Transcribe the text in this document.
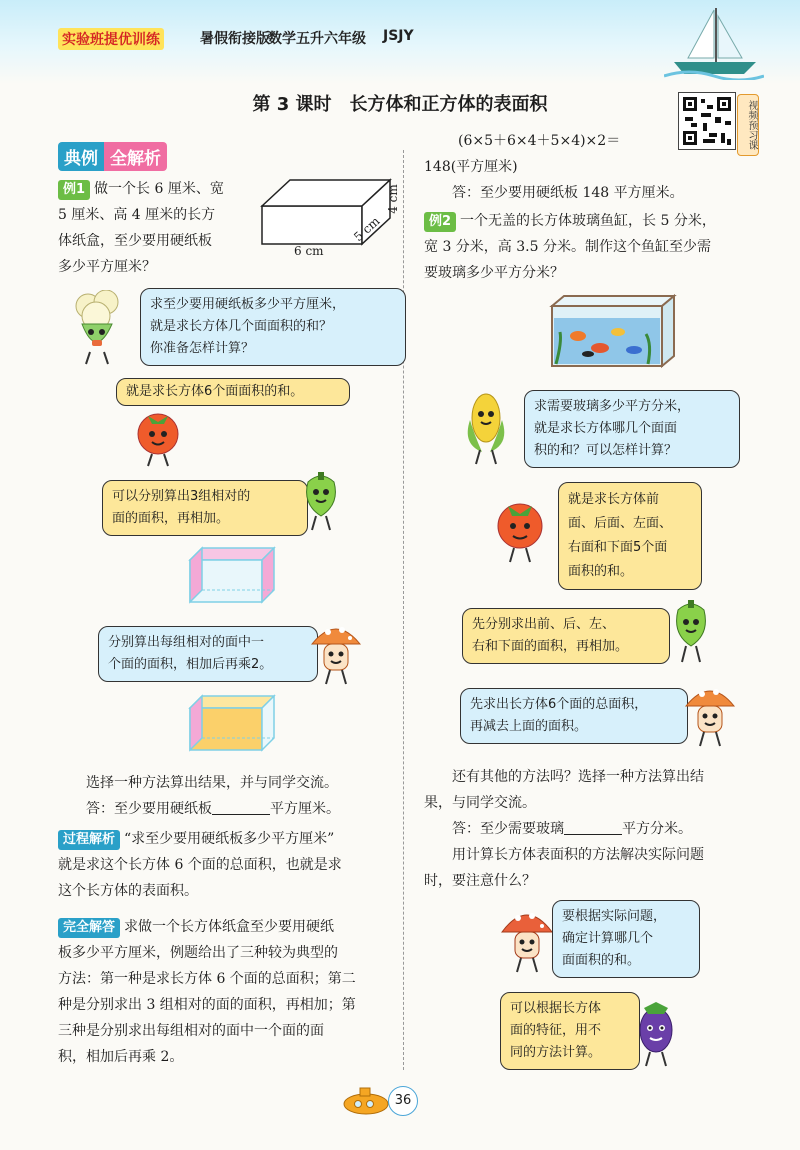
实验班提优训练	暑假衔接版
数学五升六年级 JSJY
第 3 课时　长方体和正方体的表面积	视频预习课
典例 全解析
例1 做一个长 6 厘米、宽
5 厘米、高 4 厘米的长方
体纸盒，至少要用硬纸板
多少平方厘米？
6 cm
5 cm
4 cm
求至少要用硬纸板多少平方厘米，
就是求长方体几个面面积的和？
你准备怎样计算？
就是求长方体6个面面积的和。
可以分别算出3组相对的
面的面积，再相加。
分别算出每组相对的面中一
个面的面积，相加后再乘2。
选择一种方法算出结果，并与同学交流。
答：至少要用硬纸板	平方厘米。
过程解析 “求至少要用硬纸板多少平方厘米”
就是求这个长方体 6 个面的总面积，也就是求
这个长方体的表面积。
完全解答 求做一个长方体纸盒至少要用硬纸
板多少平方厘米，例题给出了三种较为典型的
方法：第一种是求长方体 6 个面的总面积；第二
种是分别求出 3 组相对的面的面积，再相加；第
三种是分别求出每组相对的面中一个面的面
积，相加后再乘 2。
(6×5＋6×4＋5×4)×2＝
148(平方厘米)
答：至少要用硬纸板 148 平方厘米。
例2 一个无盖的长方体玻璃鱼缸，长 5 分米，
宽 3 分米，高 3.5 分米。制作这个鱼缸至少需
要玻璃多少平方分米？
求需要玻璃多少平方分米，
就是求长方体哪几个面面
积的和？可以怎样计算？
就是求长方体前
面、后面、左面、
右面和下面5个面
面积的和。
先分别求出前、后、左、
右和下面的面积，再相加。
先求出长方体6个面的总面积，
再减去上面的面积。
还有其他的方法吗？选择一种方法算出结
果，与同学交流。
答：至少需要玻璃	平方分米。
用计算长方体表面积的方法解决实际问题
时，要注意什么？
要根据实际问题，
确定计算哪几个
面面积的和。
可以根据长方体
面的特征，用不
同的方法计算。
36
